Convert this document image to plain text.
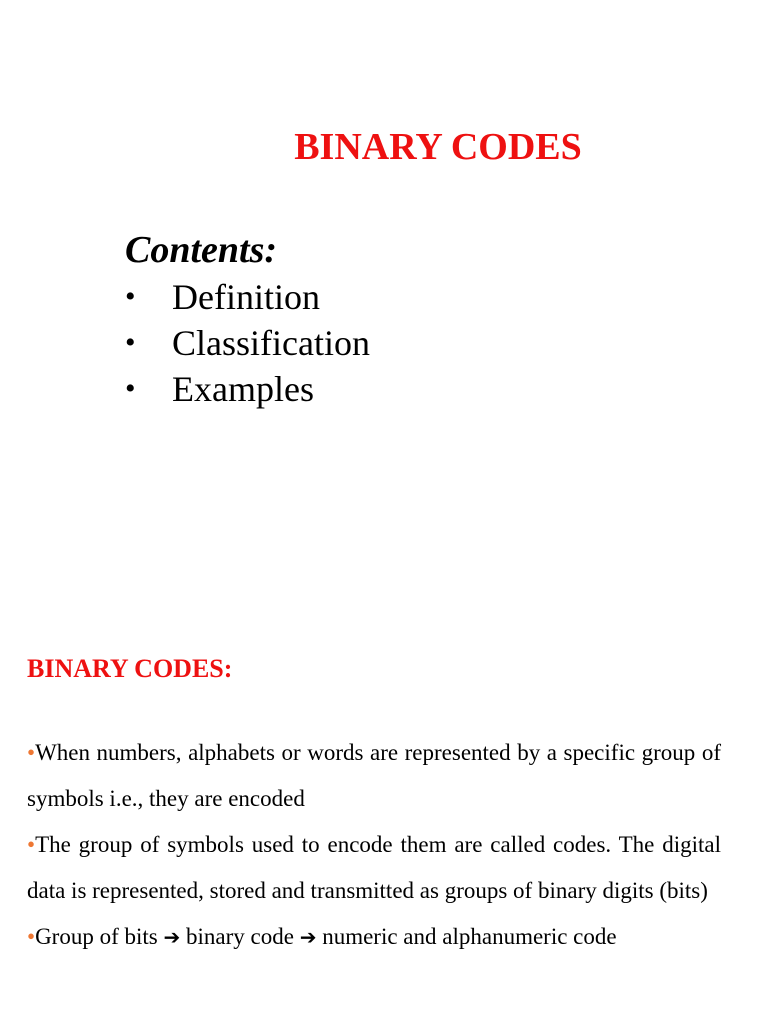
BINARY CODES

Contents:

• Definition
• Classification
• Examples

BINARY CODES:

•When numbers, alphabets or words are represented by a specific group of symbols i.e., they are encoded

•The group of symbols used to encode them are called codes. The digital data is represented, stored and transmitted as groups of binary digits (bits)

•Group of bits ➔ binary code ➔ numeric and alphanumeric code
